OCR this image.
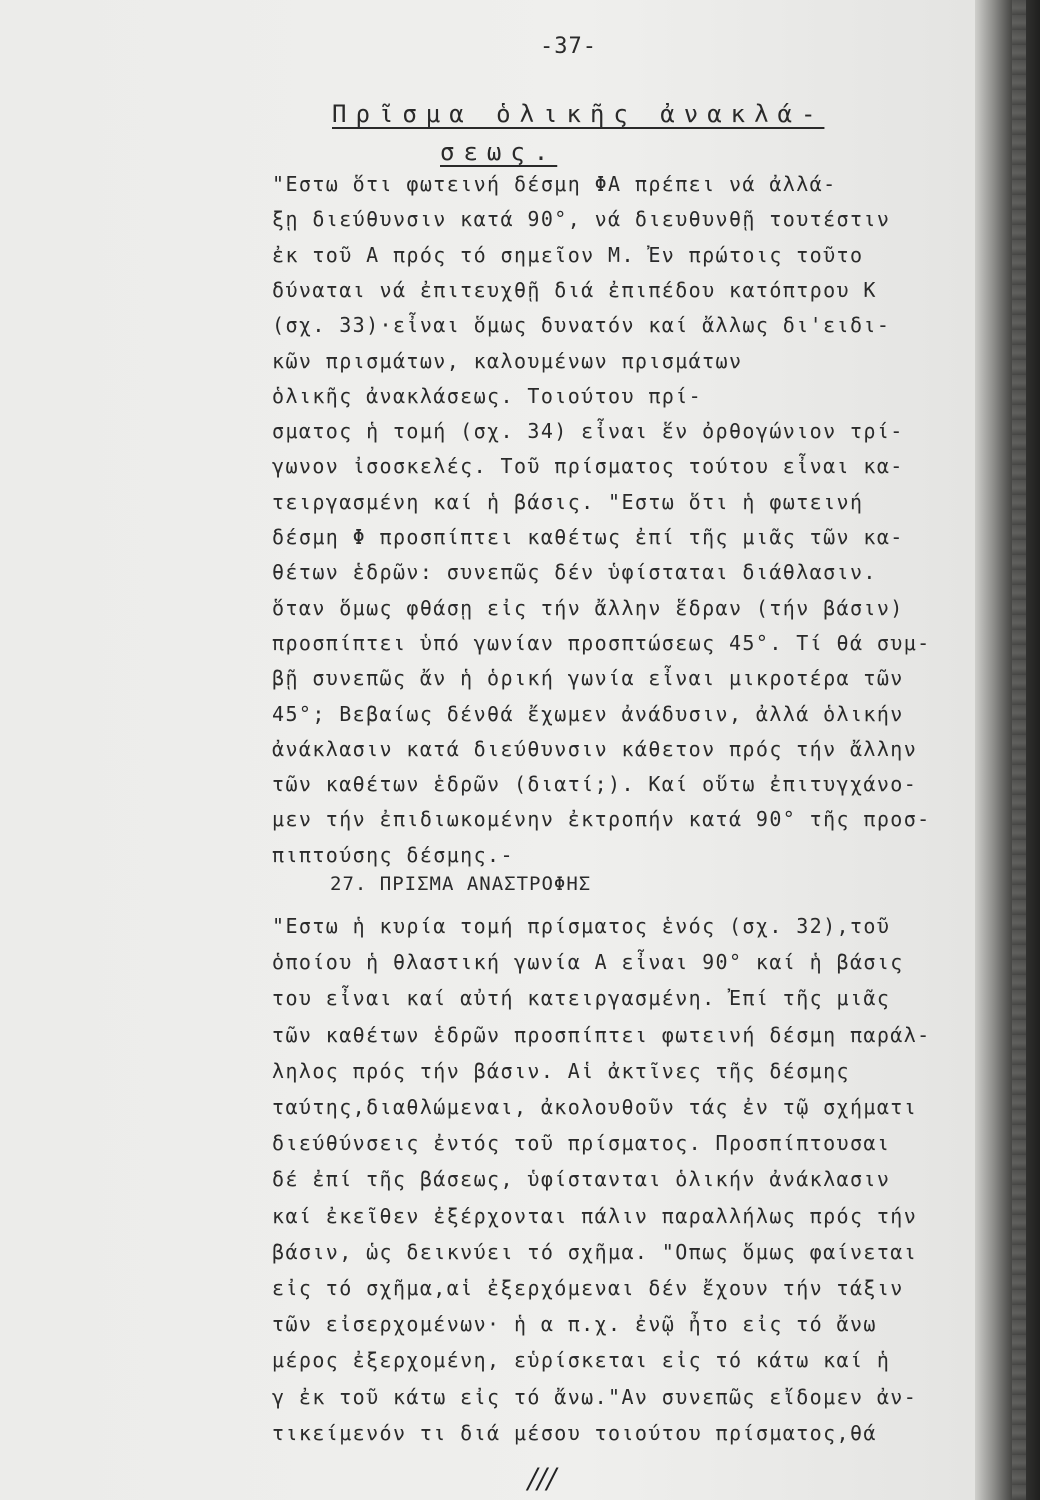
-37-
Πρῖσμα ὁλικῆς ἀνακλά-
σεως.
"Εστω ὅτι φωτεινή δέσμη ΦΑ πρέπει νά ἀλλά-
ξῃ διεύθυνσιν κατά 90°, νά διευθυνθῇ τουτέστιν
ἐκ τοῦ Α πρός τό σημεῖον Μ. Ἐν πρώτοις τοῦτο
δύναται νά ἐπιτευχθῇ διά ἐπιπέδου κατόπτρου Κ
(σχ. 33)·εἶναι ὅμως δυνατόν καί ἄλλως δι'ειδι-
κῶν πρισμάτων, καλουμένων πρισμάτων
ὁλικῆς ἀνακλάσεως. Τοιούτου πρί-
σματος ἡ τομή (σχ. 34) εἶναι ἕν ὀρθογώνιον τρί-
γωνον ἰσοσκελές. Τοῦ πρίσματος τούτου εἶναι κα-
τειργασμένη καί ἡ βάσις. "Εστω ὅτι ἡ φωτεινή
δέσμη Φ προσπίπτει καθέτως ἐπί τῆς μιᾶς τῶν κα-
θέτων ἑδρῶν: συνεπῶς δέν ὑφίσταται διάθλασιν.
ὅταν ὅμως φθάσῃ εἰς τήν ἄλλην ἕδραν (τήν βάσιν)
προσπίπτει ὑπό γωνίαν προσπτώσεως 45°. Τί θά συμ-
βῇ συνεπῶς ἄν ἡ ὁρική γωνία εἶναι μικροτέρα τῶν
45°; Βεβαίως δένθά ἔχωμεν ἀνάδυσιν, ἀλλά ὁλικήν
ἀνάκλασιν κατά διεύθυνσιν κάθετον πρός τήν ἄλλην
τῶν καθέτων ἑδρῶν (διατί;). Καί οὕτω ἐπιτυγχάνο-
μεν τήν ἐπιδιωκομένην ἐκτροπήν κατά 90° τῆς προσ-
πιπτούσης δέσμης.-
27. ΠΡΙΣΜΑ ΑΝΑΣΤΡΟΦΗΣ
"Εστω ἡ κυρία τομή πρίσματος ἑνός (σχ. 32),τοῦ
ὁποίου ἡ θλαστική γωνία Α εἶναι 90° καί ἡ βάσις
του εἶναι καί αὐτή κατειργασμένη. Ἐπί τῆς μιᾶς
τῶν καθέτων ἑδρῶν προσπίπτει φωτεινή δέσμη παράλ-
ληλος πρός τήν βάσιν. Αἱ ἀκτῖνες τῆς δέσμης
ταύτης,διαθλώμεναι, ἀκολουθοῦν τάς ἐν τῷ σχήματι
διεύθύνσεις ἐντός τοῦ πρίσματος. Προσπίπτουσαι
δέ ἐπί τῆς βάσεως, ὑφίστανται ὁλικήν ἀνάκλασιν
καί ἐκεῖθεν ἐξέρχονται πάλιν παραλλήλως πρός τήν
βάσιν, ὡς δεικνύει τό σχῆμα. "Οπως ὅμως φαίνεται
εἰς τό σχῆμα,αἱ ἐξερχόμεναι δέν ἔχουν τήν τάξιν
τῶν εἰσερχομένων· ἡ α π.χ. ἐνῷ ἦτο εἰς τό ἄνω
μέρος ἐξερχομένη, εὑρίσκεται εἰς τό κάτω καί ἡ
γ ἐκ τοῦ κάτω εἰς τό ἄνω."Αν συνεπῶς εἴδομεν ἀν-
τικείμενόν τι διά μέσου τοιούτου πρίσματος,θά
///
